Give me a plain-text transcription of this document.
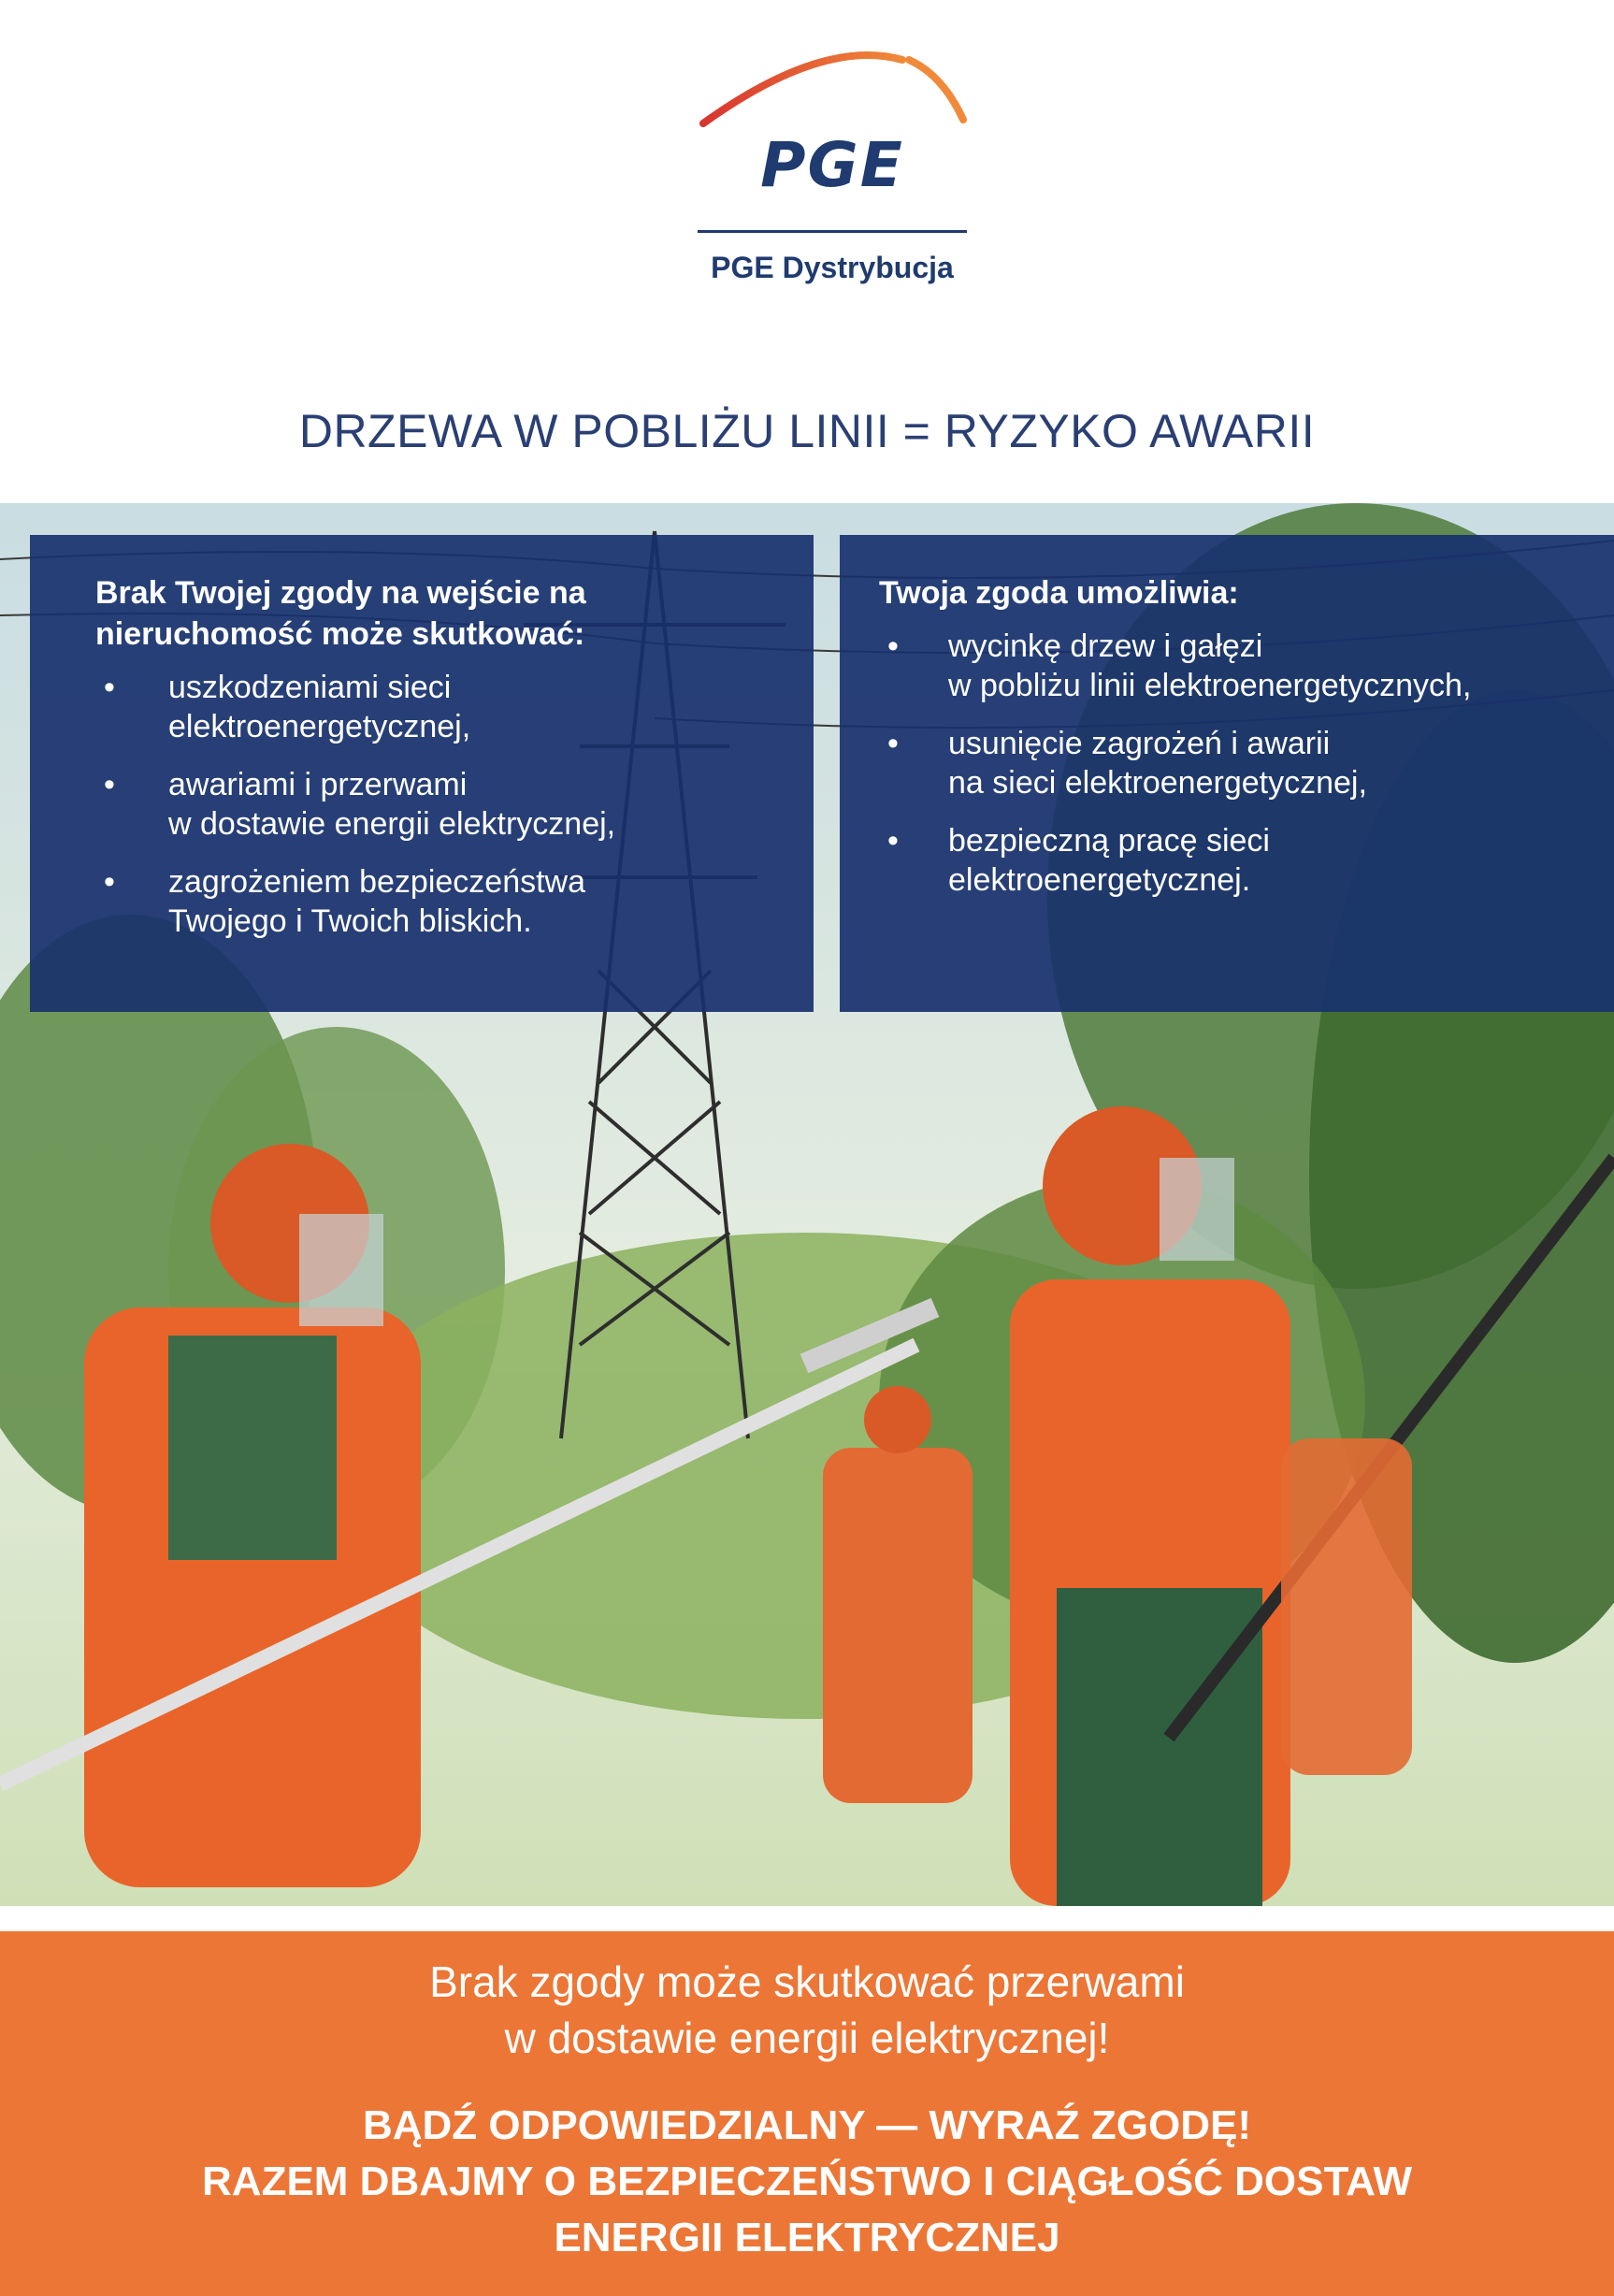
PGE
PGE Dystrybucja
DRZEWA W POBLIŻU LINII = RYZYKO AWARII
Brak Twojej zgody na wejście na
nieruchomość może skutkować:
• uszkodzeniami sieci
elektroenergetycznej,
• awariami i przerwami
w dostawie energii elektrycznej,
• zagrożeniem bezpieczeństwa
Twojego i Twoich bliskich.
Twoja zgoda umożliwia:
• wycinkę drzew i gałęzi
w pobliżu linii elektroenergetycznych,
• usunięcie zagrożeń i awarii
na sieci elektroenergetycznej,
• bezpieczną pracę sieci
elektroenergetycznej.
Brak zgody może skutkować przerwami
w dostawie energii elektrycznej!
BĄDŹ ODPOWIEDZIALNY — WYRAŹ ZGODĘ!
RAZEM DBAJMY O BEZPIECZEŃSTWO I CIĄGŁOŚĆ DOSTAW
ENERGII ELEKTRYCZNEJ
